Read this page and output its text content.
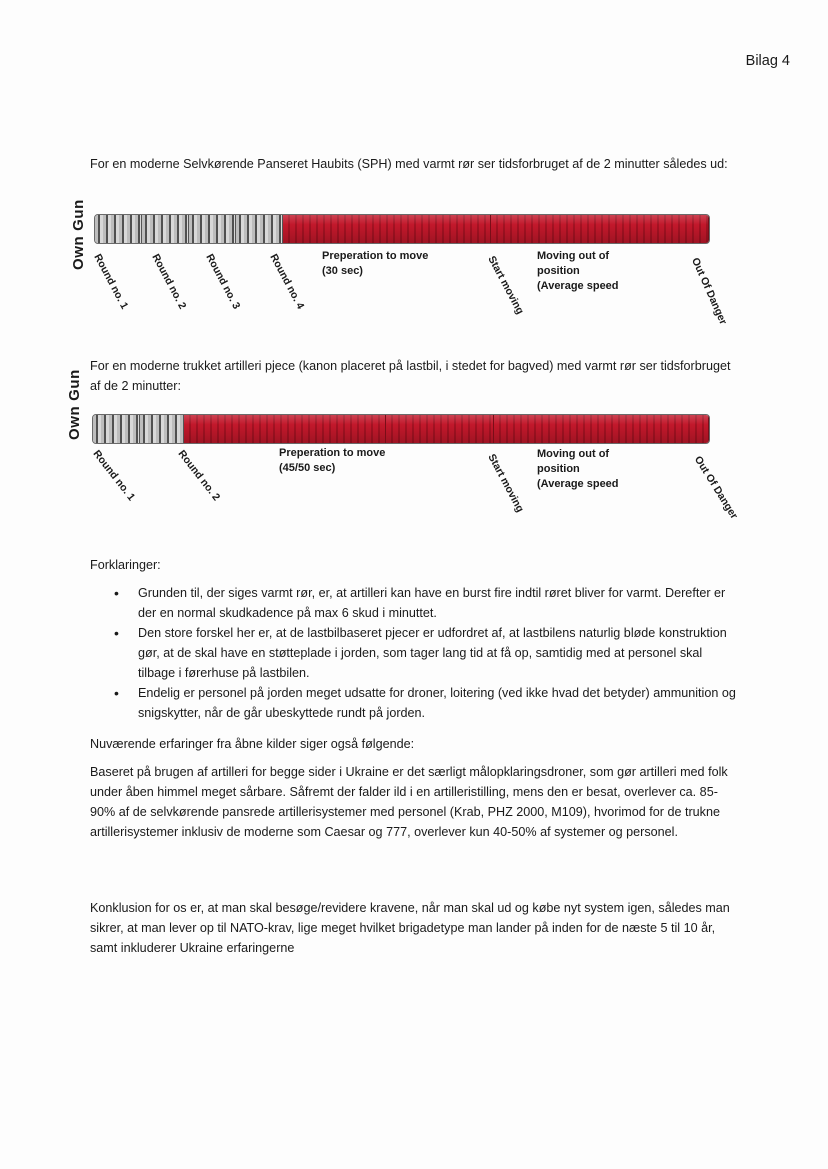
Bilag 4
For en moderne Selvkørende Panseret Haubits (SPH) med varmt rør ser tidsforbruget af de 2 minutter således ud:
Own Gun
Round no. 1 Round no. 2 Round no. 3 Round no. 4 Preperation to move
(30 sec)	Start moving Moving out of
position
(Average speed	Out Of Danger
For en moderne trukket artilleri pjece (kanon placeret på lastbil, i stedet for bagved) med varmt rør ser tidsforbruget af de 2 minutter:
Own Gun
Round no. 1	Round no. 2	Preperation to move
(45/50 sec)	Start moving Moving out of
position
(Average speed	Out Of Danger
Forklaringer:
• Grunden til, der siges varmt rør, er, at artilleri kan have en burst fire indtil røret bliver for varmt. Derefter er der en normal skudkadence på max 6 skud i minuttet.
• Den store forskel her er, at de lastbilbaseret pjecer er udfordret af, at lastbilens naturlig bløde konstruktion gør, at de skal have en støtteplade i jorden, som tager lang tid at få op, samtidig med at personel skal tilbage i førerhuse på lastbilen.
• Endelig er personel på jorden meget udsatte for droner, loitering (ved ikke hvad det betyder) ammunition og snigskytter, når de går ubeskyttede rundt på jorden.
Nuværende erfaringer fra åbne kilder siger også følgende:
Baseret på brugen af artilleri for begge sider i Ukraine er det særligt målopklaringsdroner, som gør artilleri med folk under åben himmel meget sårbare. Såfremt der falder ild i en artilleristilling, mens den er besat, overlever ca. 85-90% af de selvkørende pansrede artillerisystemer med personel (Krab, PHZ 2000, M109), hvorimod for de trukne artillerisystemer inklusiv de moderne som Caesar og 777, overlever kun 40-50% af systemer og personel.
Konklusion for os er, at man skal besøge/revidere kravene, når man skal ud og købe nyt system igen, således man sikrer, at man lever op til NATO-krav, lige meget hvilket brigadetype man lander på inden for de næste 5 til 10 år, samt inkluderer Ukraine erfaringerne
